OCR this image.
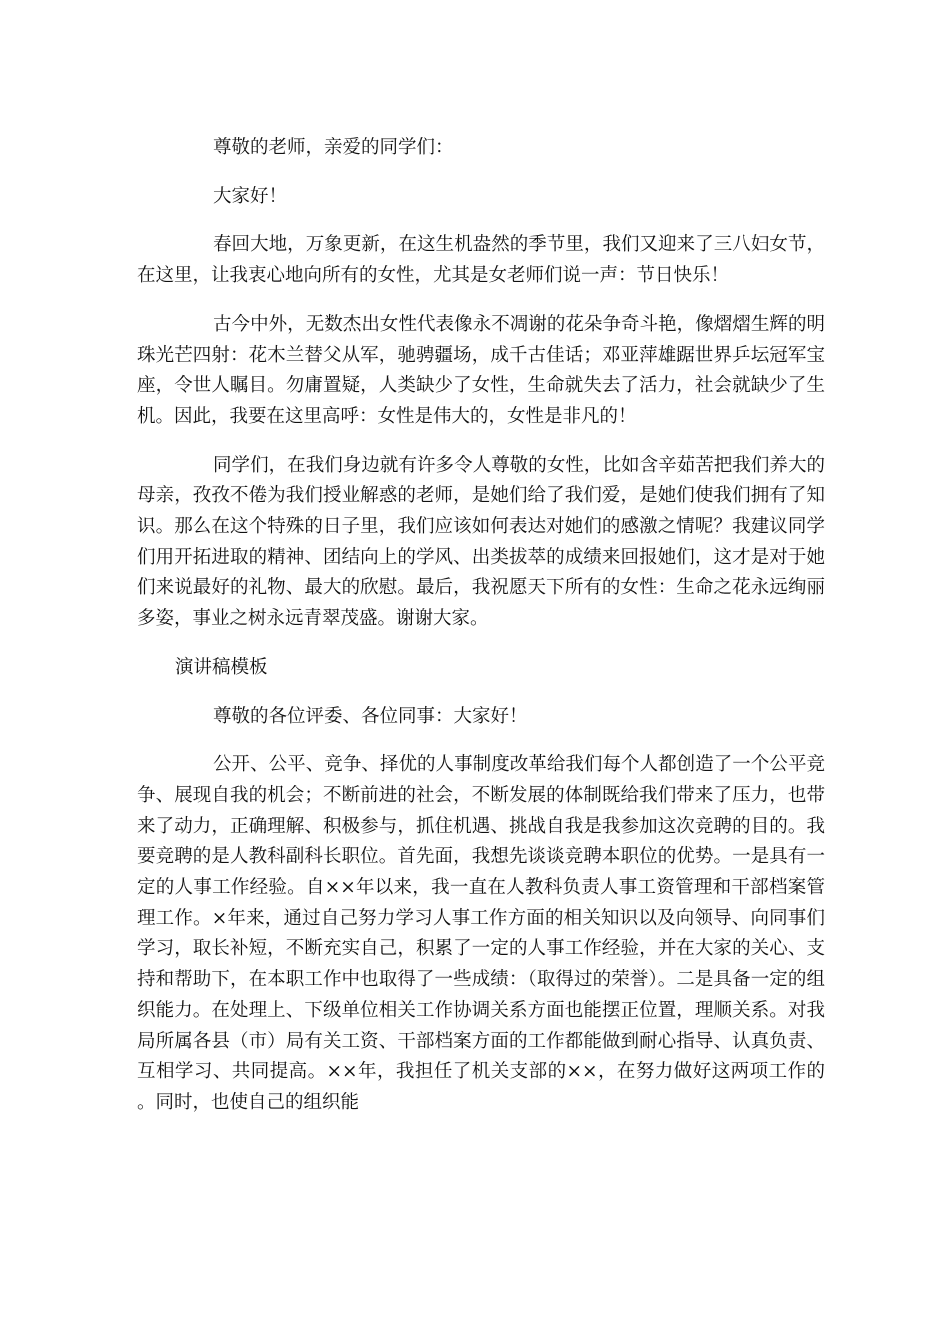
尊敬的老师，亲爱的同学们：

大家好！

春回大地，万象更新，在这生机盎然的季节里，我们又迎来了三八妇女节，在这里，让我衷心地向所有的女性，尤其是女老师们说一声：节日快乐！

古今中外，无数杰出女性代表像永不凋谢的花朵争奇斗艳，像熠熠生辉的明珠光芒四射：花木兰替父从军，驰骋疆场，成千古佳话；邓亚萍雄踞世界乒坛冠军宝座，令世人瞩目。勿庸置疑，人类缺少了女性，生命就失去了活力，社会就缺少了生机。因此，我要在这里高呼：女性是伟大的，女性是非凡的！

同学们，在我们身边就有许多令人尊敬的女性，比如含辛茹苦把我们养大的母亲，孜孜不倦为我们授业解惑的老师，是她们给了我们爱，是她们使我们拥有了知识。那么在这个特殊的日子里，我们应该如何表达对她们的感激之情呢？我建议同学们用开拓进取的精神、团结向上的学风、出类拔萃的成绩来回报她们，这才是对于她们来说最好的礼物、最大的欣慰。最后，我祝愿天下所有的女性：生命之花永远绚丽多姿，事业之树永远青翠茂盛。谢谢大家。

演讲稿模板

尊敬的各位评委、各位同事：大家好！

公开、公平、竞争、择优的人事制度改革给我们每个人都创造了一个公平竞争、展现自我的机会；不断前进的社会，不断发展的体制既给我们带来了压力，也带来了动力，正确理解、积极参与，抓住机遇、挑战自我是我参加这次竞聘的目的。我要竞聘的是人教科副科长职位。首先面，我想先谈谈竞聘本职位的优势。一是具有一定的人事工作经验。自××年以来，我一直在人教科负责人事工资管理和干部档案管理工作。×年来，通过自己努力学习人事工作方面的相关知识以及向领导、向同事们学习，取长补短，不断充实自己，积累了一定的人事工作经验，并在大家的关心、支持和帮助下，在本职工作中也取得了一些成绩：（取得过的荣誉）。二是具备一定的组织能力。在处理上、下级单位相关工作协调关系方面也能摆正位置，理顺关系。对我局所属各县（市）局有关工资、干部档案方面的工作都能做到耐心指导、认真负责、互相学习、共同提高。××年，我担任了机关支部的××，在努力做好这两项工作的。同时，也使自己的组织能
